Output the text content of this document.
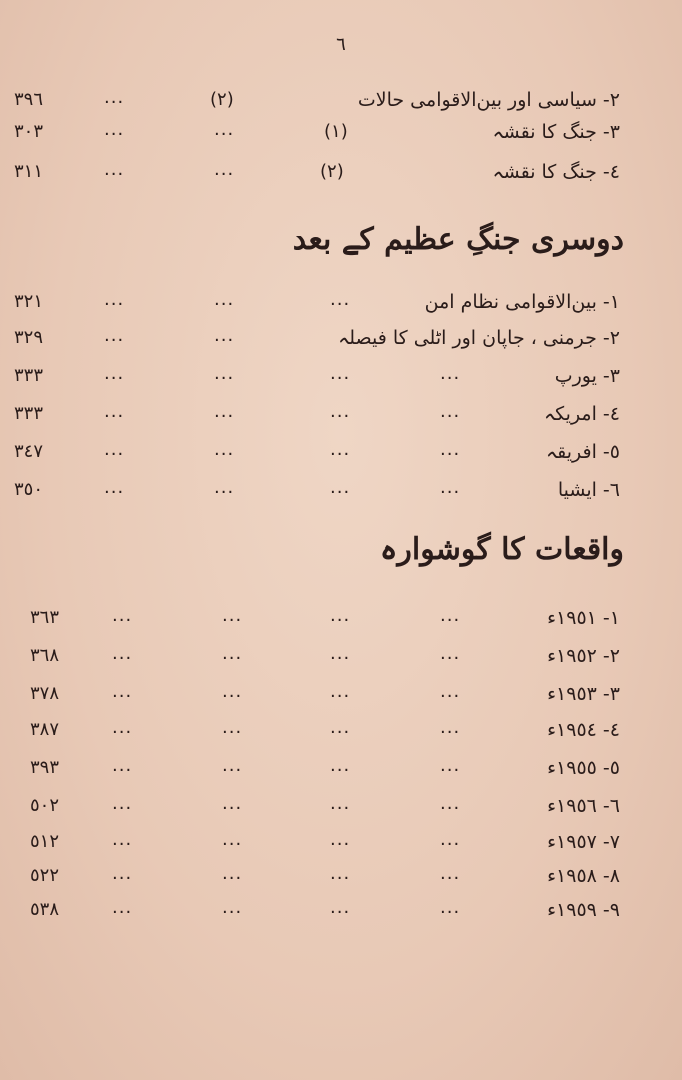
٦
٢- سیاسی اور بین‌الاقوامی حالات
(٢)
...
٣٩٦
٣- جنگ کا نقشہ
(١)
...
...
٣٠٣
٤- جنگ کا نقشہ
(٢)
...
...
٣١١
دوسری جنگِ عظیم کے بعد
١- بین‌الاقوامی نظام امن
...
...
...
٣٢١
٢- جرمنی ، جاپان اور اٹلی کا فیصلہ
...
...
٣٢٩
٣- یورپ
...
...
...
...
٣٣٣
٤- امریکہ
...
...
...
...
٣٣٣
٥- افریقہ
...
...
...
...
٣٤٧
٦- ایشیا
...
...
...
...
٣٥٠
واقعات کا گوشوارہ
١- ١٩٥١ء
...
...
...
...
٣٦٣
٢- ١٩٥٢ء
...
...
...
...
٣٦٨
٣- ١٩٥٣ء
...
...
...
...
٣٧٨
٤- ١٩٥٤ء
...
...
...
...
٣٨٧
٥- ١٩٥٥ء
...
...
...
...
٣٩٣
٦- ١٩٥٦ء
...
...
...
...
٥٠٢
٧- ١٩٥٧ء
...
...
...
...
٥١٢
٨- ١٩٥٨ء
...
...
...
...
٥٢٢
٩- ١٩٥٩ء
...
...
...
...
٥٣٨
